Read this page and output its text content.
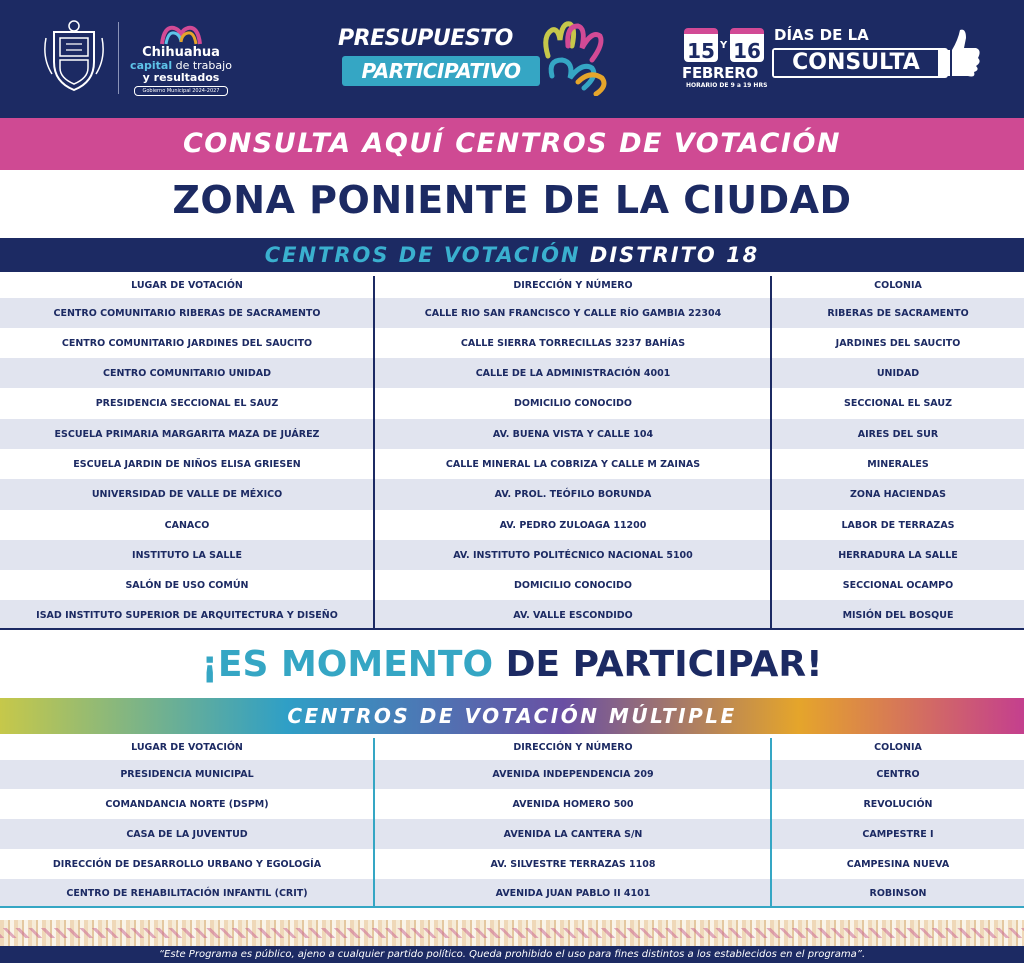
Chihuahua
capital de trabajo
y resultados
Gobierno Municipal 2024-2027
PRESUPUESTO
PARTICIPATIVO
15 Y 16
FEBRERO
HORARIO DE 9 a 19 HRS
DÍAS DE LA
CONSULTA
CONSULTA AQUÍ CENTROS DE VOTACIÓN
ZONA PONIENTE DE LA CIUDAD
CENTROS DE VOTACIÓN DISTRITO 18
LUGAR DE VOTACIÓN	DIRECCIÓN Y NÚMERO	COLONIA
CENTRO COMUNITARIO RIBERAS DE SACRAMENTO	CALLE RIO SAN FRANCISCO Y CALLE RÍO GAMBIA 22304	RIBERAS DE SACRAMENTO
CENTRO COMUNITARIO JARDINES DEL SAUCITO	CALLE SIERRA TORRECILLAS 3237 BAHÍAS	JARDINES DEL SAUCITO
CENTRO COMUNITARIO UNIDAD	CALLE DE LA ADMINISTRACIÓN 4001	UNIDAD
PRESIDENCIA SECCIONAL EL SAUZ	DOMICILIO CONOCIDO	SECCIONAL EL SAUZ
ESCUELA PRIMARIA MARGARITA MAZA DE JUÁREZ	AV. BUENA VISTA Y CALLE 104	AIRES DEL SUR
ESCUELA JARDIN DE NIÑOS ELISA GRIESEN	CALLE MINERAL LA COBRIZA Y CALLE M ZAINAS	MINERALES
UNIVERSIDAD DE VALLE DE MÉXICO	AV. PROL. TEÓFILO BORUNDA	ZONA HACIENDAS
CANACO	AV. PEDRO ZULOAGA 11200	LABOR DE TERRAZAS
INSTITUTO LA SALLE	AV. INSTITUTO POLITÉCNICO NACIONAL 5100	HERRADURA LA SALLE
SALÓN DE USO COMÚN	DOMICILIO CONOCIDO	SECCIONAL OCAMPO
ISAD INSTITUTO SUPERIOR DE ARQUITECTURA Y DISEÑO	AV. VALLE ESCONDIDO	MISIÓN DEL BOSQUE
¡ES MOMENTO DE PARTICIPAR!
CENTROS DE VOTACIÓN MÚLTIPLE
LUGAR DE VOTACIÓN	DIRECCIÓN Y NÚMERO	COLONIA
PRESIDENCIA MUNICIPAL	AVENIDA INDEPENDENCIA 209	CENTRO
COMANDANCIA NORTE (DSPM)	AVENIDA HOMERO 500	REVOLUCIÓN
CASA DE LA JUVENTUD	AVENIDA LA CANTERA S/N	CAMPESTRE I
DIRECCIÓN DE DESARROLLO URBANO Y EGOLOGÍA	AV. SILVESTRE TERRAZAS 1108	CAMPESINA NUEVA
CENTRO DE REHABILITACIÓN INFANTIL (CRIT)	AVENIDA JUAN PABLO II 4101	ROBINSON
“Este Programa es público, ajeno a cualquier partido político. Queda prohibido el uso para fines distintos a los establecidos en el programa”.
